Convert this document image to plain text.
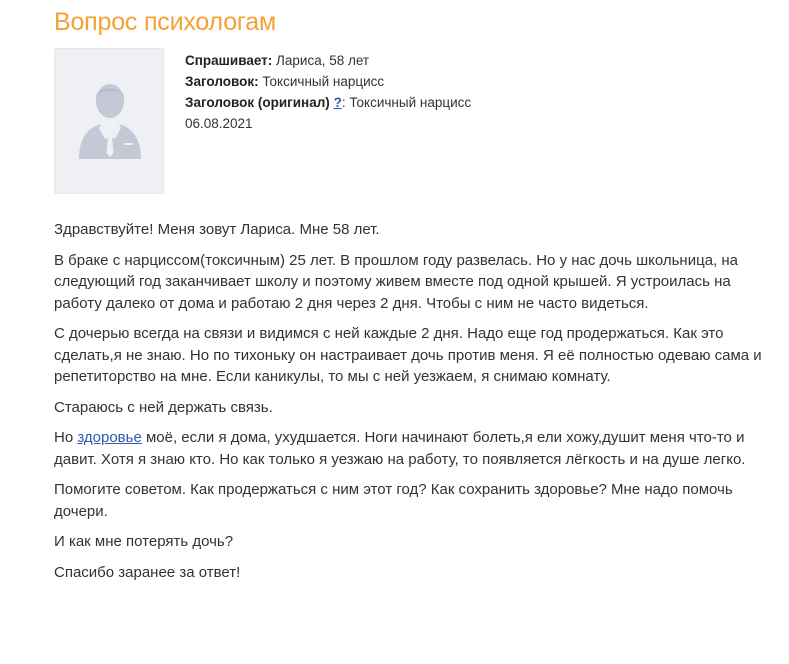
Вопрос психологам
Спрашивает: Лариса, 58 лет
Заголовок: Токсичный нарцисс
Заголовок (оригинал) ?: Токсичный нарцисс
06.08.2021

Здравствуйте! Меня зовут Лариса. Мне 58 лет.

В браке с нарциссом(токсичным) 25 лет. В прошлом году развелась. Но у нас дочь школьница, на следующий год заканчивает школу и поэтому живем вместе под одной крышей. Я устроилась на работу далеко от дома и работаю 2 дня через 2 дня. Чтобы с ним не часто видеться.

С дочерью всегда на связи и видимся с ней каждые 2 дня. Надо еще год продержаться. Как это сделать,я не знаю. Но по тихоньку он настраивает дочь против меня. Я её полностью одеваю сама и репетиторство на мне. Если каникулы, то мы с ней уезжаем, я снимаю комнату.

Стараюсь с ней держать связь.

Но здоровье моё, если я дома, ухудшается. Ноги начинают болеть,я ели хожу,душит меня что-то и давит. Хотя я знаю кто. Но как только я уезжаю на работу, то появляется лёгкость и на душе легко.

Помогите советом. Как продержаться с ним этот год? Как сохранить здоровье? Мне надо помочь дочери.

И как мне потерять дочь?

Спасибо заранее за ответ!
